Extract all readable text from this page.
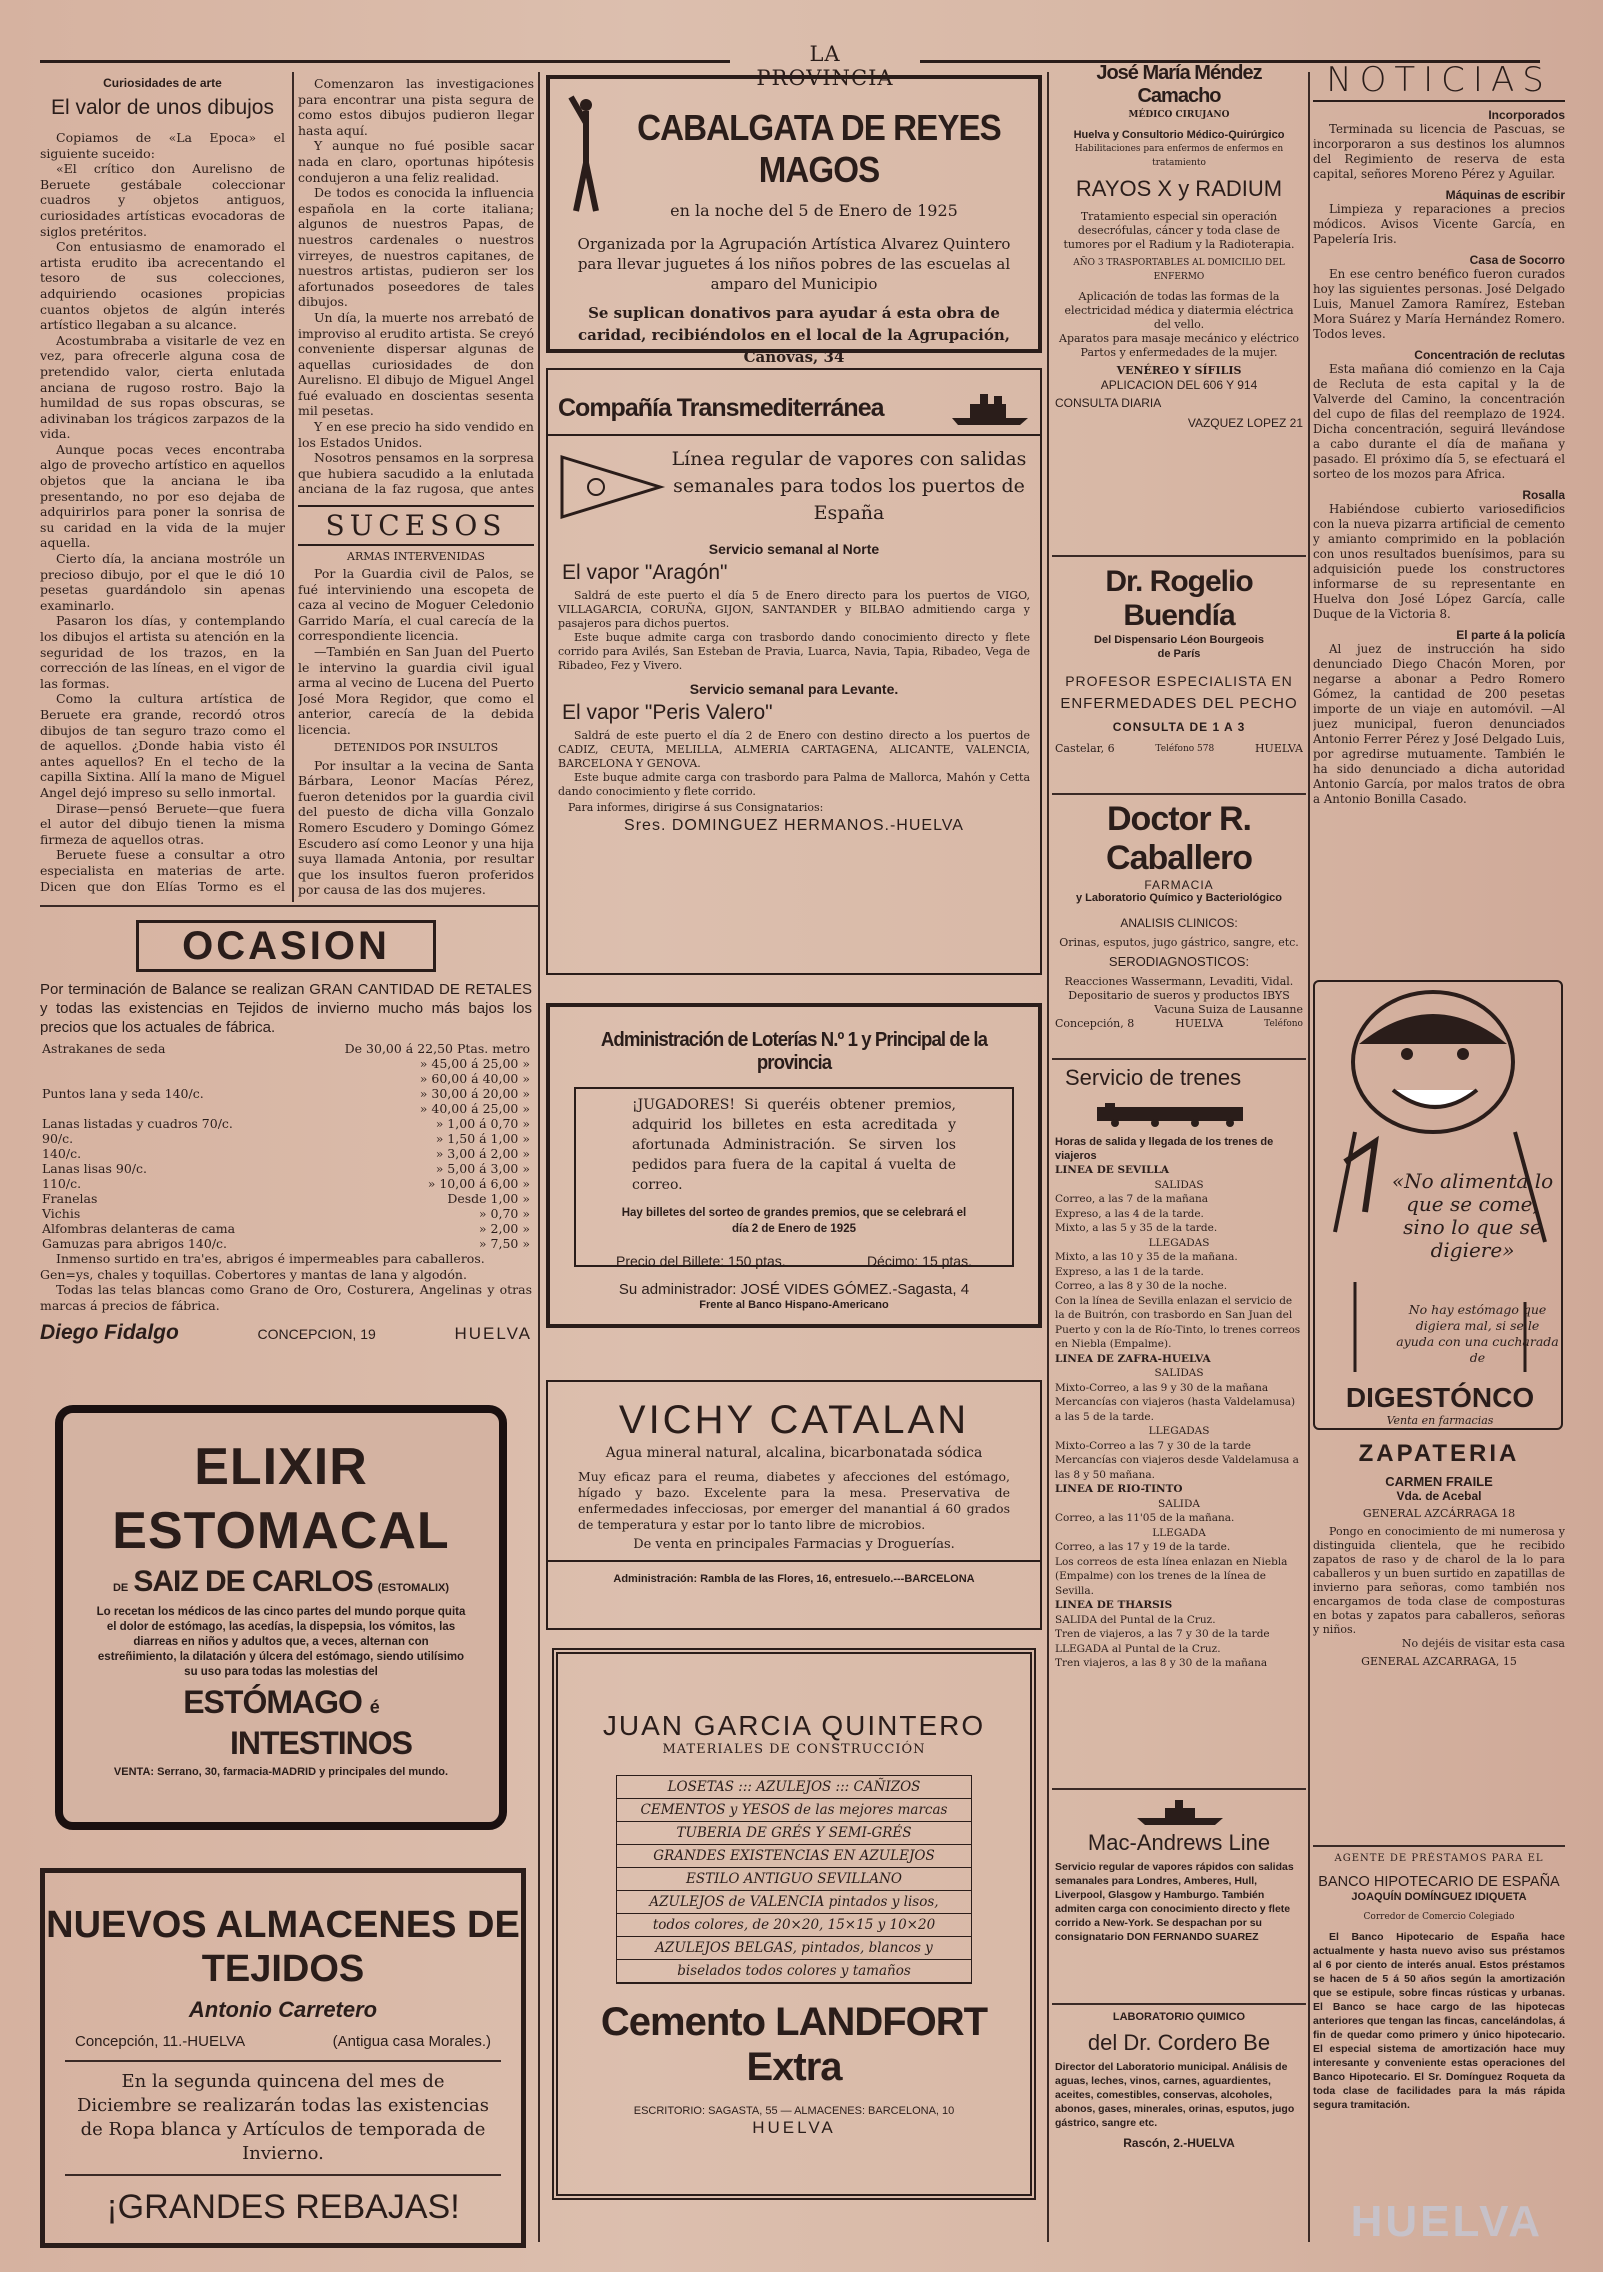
LA PROVINCIA
Curiosidades de arte
El valor de unos dibujos

Copiamos de «La Epoca» el siguiente suceido:

«El crítico don Aurelisno de Beruete gestábale coleccionar cuadros y objetos antiguos, curiosidades artísticas evocadoras de siglos pretéritos.

Con entusiasmo de enamorado el artista erudito iba acrecentando el tesoro de sus colecciones, adquiriendo ocasiones propicias cuantos objetos de algún interés artístico llegaban a su alcance.

Acostumbraba a visitarle de vez en vez, para ofrecerle alguna cosa de pretendido valor, cierta enlutada anciana de rugoso rostro. Bajo la humildad de sus ropas obscuras, se adivinaban los trágicos zarpazos de la vida.

Aunque pocas veces encontraba algo de provecho artístico en aquellos objetos que la anciana le iba presentando, no por eso dejaba de adquirirlos para poner la sonrisa de su caridad en la vida de la mujer aquella.

Cierto día, la anciana mostróle un precioso dibujo, por el que le dió 10 pesetas guardándolo sin apenas examinarlo.

Pasaron los días, y contemplando los dibujos el artista su atención en la seguridad de los trazos, en la corrección de las líneas, en el vigor de las formas.

Como la cultura artística de Beruete era grande, recordó otros dibujos de tan seguro trazo como el de aquellos. ¿Donde habia visto él antes aquellos? En el techo de la capilla Sixtina. Allí la mano de Miguel Angel dejó impreso su sello inmortal.

Dirase—pensó Beruete—que fuera el autor del dibujo tienen la misma firmeza de aquellos otras.

Beruete fuese a consultar a otro especialista en materias de arte. Dicen que don Elías Tormo es el

Comenzaron las investigaciones para encontrar una pista segura de como estos dibujos pudieron llegar hasta aquí.

Y aunque no fué posible sacar nada en claro, oportunas hipótesis condujeron a una feliz realidad.

De todos es conocida la influencia española en la corte italiana; algunos de nuestros Papas, de nuestros cardenales o nuestros virreyes, de nuestros capitanes, de nuestros artistas, pudieron ser los afortunados poseedores de tales dibujos.

Un día, la muerte nos arrebató de improviso al erudito artista. Se creyó conveniente dispersar algunas de aquellas curiosidades de don Aurelisno. El dibujo de Miguel Angel fué evaluado en doscientas sesenta mil pesetas.

Y en ese precio ha sido vendido en los Estados Unidos.

Nosotros pensamos en la sorpresa que hubiera sacudido a la enlutada anciana de la faz rugosa, que antes

SUCESOS
ARMAS INTERVENIDAS

Por la Guardia civil de Palos, se fué interviniendo una escopeta de caza al vecino de Moguer Celedonio Garrido María, el cual carecía de la correspondiente licencia.

—También en San Juan del Puerto le intervino la guardia civil igual arma al vecino de Lucena del Puerto José Mora Regidor, que como el anterior, carecía de la debida licencia.

DETENIDOS POR INSULTOS

Por insultar a la vecina de Santa Bárbara, Leonor Macías Pérez, fueron detenidos por la guardia civil del puesto de dicha villa Gonzalo Romero Escudero y Domingo Gómez Escudero así como Leonor y una hija suya llamada Antonia, por resultar que los insultos fueron proferidos por causa de las dos mujeres.

OCASION

Por terminación de Balance se realizan GRAN CANTIDAD DE RETALES y todas las existencias en Tejidos de invierno mucho más bajos los precios que los actuales de fábrica.

Astrakanes de seda	De 30,00 á 22,50 Ptas. metro
	» 45,00 á 25,00 »
	» 60,00 á 40,00 »
Puntos lana y seda 140/c.	» 30,00 á 20,00 »
	» 40,00 á 25,00 »
Lanas listadas y cuadros 70/c.	» 1,00 á 0,70 »
90/c.	» 1,50 á 1,00 »
140/c.	» 3,00 á 2,00 »
Lanas lisas 90/c.	» 5,00 á 3,00 »
110/c.	» 10,00 á 6,00 »
Franelas	Desde 1,00 »
Vichis	» 0,70 »
Alfombras delanteras de cama	» 2,00 »
Gamuzas para abrigos 140/c.	» 7,50 »

Inmenso surtido en tra'es, abrigos é impermeables para caballeros.

Gen=ys, chales y toquillas. Cobertores y mantas de lana y algodón.

Todas las telas blancas como Grano de Oro, Costurera, Angelinas y otras marcas á precios de fábrica.

Diego Fidalgo	CONCEPCION, 19	HUELVA
ELIXIR ESTOMACAL
DE SAIZ DE CARLOS (ESTOMALIX)

Lo recetan los médicos de las cinco partes del mundo porque quita el dolor de estómago, las acedías, la dispepsia, los vómitos, las diarreas en niños y adultos que, a veces, alternan con estreñimiento, la dilatación y úlcera del estómago, siendo utilísimo su uso para todas las molestias del

ESTÓMAGO é
INTESTINOS
VENTA: Serrano, 30, farmacia-MADRID y principales del mundo.
NUEVOS ALMACENES DE TEJIDOS
Antonio Carretero
Concepción, 11.-HUELVA	(Antigua casa Morales.)

En la segunda quincena del mes de Diciembre se realizarán todas las existencias de Ropa blanca y Artículos de temporada de Invierno.

¡GRANDES REBAJAS!
CABALGATA DE REYES MAGOS
en la noche del 5 de Enero de 1925

Organizada por la Agrupación Artística Alvarez Quintero para llevar juguetes á los niños pobres de las escuelas al amparo del Municipio

Se suplican donativos para ayudar á esta obra de caridad, recibiéndolos en el local de la Agrupación, Cánovas, 34

Compañía Transmediterránea

Línea regular de vapores con salidas semanales para todos los puertos de España

Servicio semanal al Norte
El vapor "Aragón"

Saldrá de este puerto el día 5 de Enero directo para los puertos de VIGO, VILLAGARCIA, CORUÑA, GIJON, SANTANDER y BILBAO admitiendo carga y pasajeros para dichos puertos.

Este buque admite carga con trasbordo dando conocimiento directo y flete corrido para Avilés, San Esteban de Pravia, Luarca, Navia, Tapia, Ribadeo, Vega de Ribadeo, Fez y Vivero.

Servicio semanal para Levante.
El vapor "Peris Valero"

Saldrá de este puerto el día 2 de Enero con destino directo a los puertos de CADIZ, CEUTA, MELILLA, ALMERIA CARTAGENA, ALICANTE, VALENCIA, BARCELONA Y GENOVA.

Este buque admite carga con trasbordo para Palma de Mallorca, Mahón y Cetta dando conocimiento y flete corrido.

Para informes, dirigirse á sus Consignatarios:
Sres. DOMINGUEZ HERMANOS.-HUELVA
Administración de Loterías N.º 1 y Principal de la provincia

¡JUGADORES! Si queréis obtener premios, adquirid los billetes en esta acreditada y afortunada Administración. Se sirven los pedidos para fuera de la capital á vuelta de correo.

Hay billetes del sorteo de grandes premios, que se celebrará el día 2 de Enero de 1925

Precio del Billete: 150 ptas.	Décimo: 15 ptas.
Su administrador: JOSÉ VIDES GÓMEZ.-Sagasta, 4
Frente al Banco Hispano-Americano
VICHY CATALAN
Agua mineral natural, alcalina, bicarbonatada sódica

Muy eficaz para el reuma, diabetes y afecciones del estómago, hígado y bazo. Excelente para la mesa. Preservativa de enfermedades infecciosas, por emerger del manantial á 60 grados de temperatura y estar por lo tanto libre de microbios.

De venta en principales Farmacias y Droguerías.
Administración: Rambla de las Flores, 16, entresuelo.---BARCELONA
JUAN GARCIA QUINTERO
MATERIALES DE CONSTRUCCIÓN
LOSETAS ::: AZULEJOS ::: CAÑIZOS
CEMENTOS y YESOS de las mejores marcas
TUBERIA DE GRÉS Y SEMI-GRÉS
GRANDES EXISTENCIAS EN AZULEJOS
ESTILO ANTIGUO SEVILLANO
AZULEJOS de VALENCIA pintados y lisos,
todos colores, de 20×20, 15×15 y 10×20
AZULEJOS BELGAS, pintados, blancos y
biselados todos colores y tamaños
Cemento LANDFORT Extra
ESCRITORIO: SAGASTA, 55 — ALMACENES: BARCELONA, 10
HUELVA
José María Méndez Camacho
MÉDICO CIRUJANO
Huelva y Consultorio Médico-Quirúrgico
Habilitaciones para enfermos de enfermos en tratamiento
RAYOS X y RADIUM
Tratamiento especial sin operación
desecrófulas, cáncer y toda clase de tumores por el Radium y la Radioterapia.
AÑO 3 TRASPORTABLES AL DOMICILIO DEL ENFERMO
Aplicación de todas las formas de la electricidad médica y diatermia eléctrica del vello.
Aparatos para masaje mecánico y eléctrico
Partos y enfermedades de la mujer.
VENÉREO Y SÍFILIS
APLICACION DEL 606 Y 914
CONSULTA DIARIA
VAZQUEZ LOPEZ 21
Dr. Rogelio Buendía
Del Dispensario Léon Bourgeois
de París
PROFESOR ESPECIALISTA EN
ENFERMEDADES DEL PECHO
CONSULTA DE 1 A 3
Castelar, 6	Teléfono 578	HUELVA
Doctor R. Caballero
FARMACIA
y Laboratorio Químico y Bacteriológico
ANALISIS CLINICOS:
Orinas, esputos, jugo gástrico, sangre, etc.
SERODIAGNOSTICOS:
Reacciones Wassermann, Levaditi, Vidal.
Depositario de sueros y productos IBYS
Vacuna Suiza de Lausanne
Concepción, 8	HUELVA	Teléfono
Servicio de trenes
Horas de salida y llegada de los trenes de viajeros
LINEA DE SEVILLA
SALIDAS
Correo, a las 7 de la mañana
Expreso, a las 4 de la tarde.
Mixto, a las 5 y 35 de la tarde.
LLEGADAS
Mixto, a las 10 y 35 de la mañana.
Expreso, a las 1 de la tarde.
Correo, a las 8 y 30 de la noche.
Con la línea de Sevilla enlazan el servicio de la de Buitrón, con trasbordo en San Juan del Puerto y con la de Río-Tinto, lo trenes correos en Niebla (Empalme).
LINEA DE ZAFRA-HUELVA
SALIDAS
Mixto-Correo, a las 9 y 30 de la mañana
Mercancías con viajeros (hasta Valdelamusa) a las 5 de la tarde.
LLEGADAS
Mixto-Correo a las 7 y 30 de la tarde
Mercancías con viajeros desde Valdelamusa a las 8 y 50 mañana.
LINEA DE RIO-TINTO
SALIDA
Correo, a las 11'05 de la mañana.
LLEGADA
Correo, a las 17 y 19 de la tarde.
Los correos de esta línea enlazan en Niebla (Empalme) con los trenes de la línea de Sevilla.
LINEA DE THARSIS
SALIDA del Puntal de la Cruz.
Tren de viajeros, a las 7 y 30 de la tarde
LLEGADA al Puntal de la Cruz.
Tren viajeros, a las 8 y 30 de la mañana
Mac-Andrews Line

Servicio regular de vapores rápidos con salidas semanales para Londres, Amberes, Hull, Liverpool, Glasgow y Hamburgo. También admiten carga con conocimiento directo y flete corrido a New-York. Se despachan por su consignatario DON FERNANDO SUAREZ

LABORATORIO QUIMICO
del Dr. Cordero Be

Director del Laboratorio municipal. Análisis de aguas, leches, vinos, carnes, aguardientes, aceites, comestibles, conservas, alcoholes, abonos, gases, minerales, orinas, esputos, jugo gástrico, sangre etc.

Rascón, 2.-HUELVA
NOTICIAS
Incorporados

Terminada su licencia de Pascuas, se incorporaron a sus destinos los alumnos del Regimiento de reserva de esta capital, señores Moreno Pérez y Aguilar.

Máquinas de escribir

Limpieza y reparaciones a precios módicos. Avisos Vicente García, en Papelería Iris.

Casa de Socorro

En ese centro benéfico fueron curados hoy las siguientes personas. José Delgado Luis, Manuel Zamora Ramírez, Esteban Mora Suárez y María Hernández Romero. Todos leves.

Concentración de reclutas

Esta mañana dió comienzo en la Caja de Recluta de esta capital y la de Valverde del Camino, la concentración del cupo de filas del reemplazo de 1924. Dicha concentración, seguirá llevándose a cabo durante el día de mañana y pasado. El próximo día 5, se efectuará el sorteo de los mozos para Africa.

Rosalla

Habiéndose cubierto variosedificios con la nueva pizarra artificial de cemento y amianto comprimido en la población con unos resultados buenísimos, para su adquisición puede los constructores informarse de su representante en Huelva don José López García, calle Duque de la Victoria 8.

El parte á la policía

Al juez de instrucción ha sido denunciado Diego Chacón Moren, por negarse a abonar a Pedro Romero Gómez, la cantidad de 200 pesetas importe de un viaje en automóvil. —Al juez municipal, fueron denunciados Antonio Ferrer Pérez y José Delgado Luis, por agredirse mutuamente. También le ha sido denunciado a dicha autoridad Antonio García, por malos tratos de obra a Antonio Bonilla Casado.

«No alimenta lo que se come, sino lo que se digiere»

No hay estómago que digiera mal, si se le ayuda con una cucharada de

DIGESTÓNCO
Venta en farmacias
ZAPATERIA
CARMEN FRAILE
Vda. de Acebal
GENERAL AZCÁRRAGA 18

Pongo en conocimiento de mi numerosa y distinguida clientela, que he recibido zapatos de raso y de charol de la lo para caballeros y un buen surtido en zapatillas de invierno para señoras, como también nos encargamos de toda clase de composturas en botas y zapatos para caballeros, señoras y niños.

No dejéis de visitar esta casa
GENERAL AZCARRAGA, 15
AGENTE DE PRÉSTAMOS PARA EL
BANCO HIPOTECARIO DE ESPAÑA
JOAQUÍN DOMÍNGUEZ IDIQUETA
Corredor de Comercio Colegiado

El Banco Hipotecario de España hace actualmente y hasta nuevo aviso sus préstamos al 6 por ciento de interés anual. Estos préstamos se hacen de 5 á 50 años según la amortización que se estipule, sobre fincas rústicas y urbanas. El Banco se hace cargo de las hipotecas anteriores que tengan las fincas, cancelándolas, á fin de quedar como primero y único hipotecario. El especial sistema de amortización hace muy interesante y conveniente estas operaciones del Banco Hipotecario. El Sr. Domínguez Roqueta da toda clase de facilidades para la más rápida segura tramitación.

HUELVA
